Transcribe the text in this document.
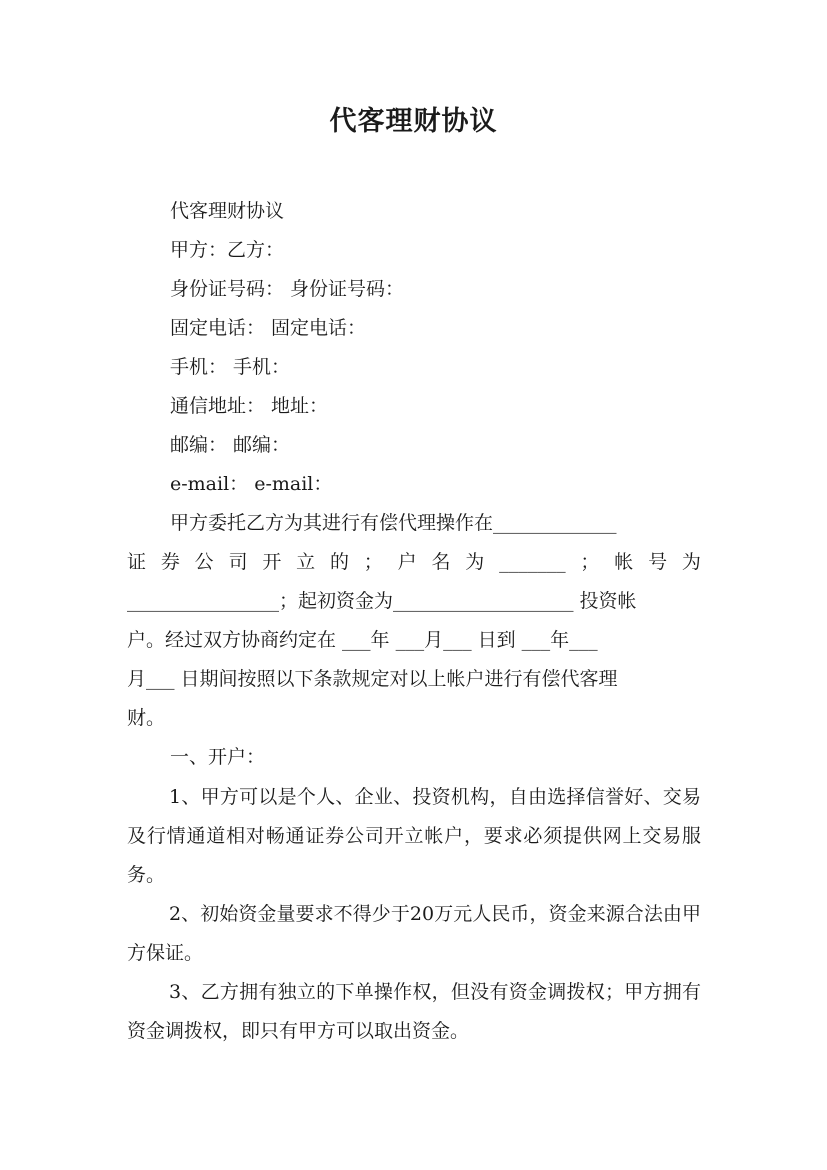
代客理财协议

代客理财协议

甲方：乙方：

身份证号码： 身份证号码：

固定电话： 固定电话：

手机： 手机：

通信地址： 地址：

邮编： 邮编：

e-mail： e-mail：

甲方委托乙方为其进行有偿代理操作在_____________
证 券 公 司 开 立 的 ； 户 名 为 _______ ； 帐 号 为
________________；起初资金为___________________ 投资帐
户。经过双方协商约定在 ___年 ___月___ 日到 ___年___
月___ 日期间按照以下条款规定对以上帐户进行有偿代客理
财。

一、开户：

1、甲方可以是个人、企业、投资机构，自由选择信誉好、交易及行情通道相对畅通证券公司开立帐户，要求必须提供网上交易服务。

2、初始资金量要求不得少于20万元人民币，资金来源合法由甲方保证。

3、乙方拥有独立的下单操作权，但没有资金调拨权；甲方拥有资金调拨权，即只有甲方可以取出资金。
